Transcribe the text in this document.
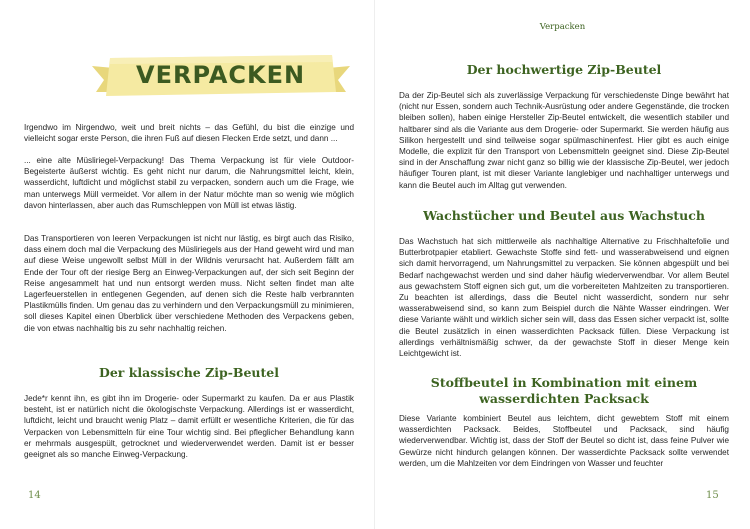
VERPACKEN

Irgendwo im Nirgendwo, weit und breit nichts – das Gefühl, du bist die einzige und vielleicht sogar erste Person, die ihren Fuß auf diesen Flecken Erde setzt, und dann ...

... eine alte Müsliriegel-Verpackung! Das Thema Verpackung ist für viele Outdoor-Begeisterte äußerst wichtig. Es geht nicht nur darum, die Nahrungsmittel leicht, klein, wasserdicht, luftdicht und möglichst stabil zu verpacken, sondern auch um die Frage, wie man unterwegs Müll vermeidet. Vor allem in der Natur möchte man so wenig wie möglich davon hinterlassen, aber auch das Rumschleppen von Müll ist etwas lästig.

Das Transportieren von leeren Verpackungen ist nicht nur lästig, es birgt auch das Risiko, dass einem doch mal die Verpackung des Müsliriegels aus der Hand geweht wird und man auf diese Weise ungewollt selbst Müll in der Wildnis verursacht hat. Außerdem fällt am Ende der Tour oft der riesige Berg an Einweg-Verpackungen auf, der sich seit Beginn der Reise angesammelt hat und nun entsorgt werden muss. Nicht selten findet man alte Lagerfeuerstellen in entlegenen Gegenden, auf denen sich die Reste halb verbrannten Plastikmülls finden. Um genau das zu verhindern und den Verpackungsmüll zu minimieren, soll dieses Kapitel einen Überblick über verschiedene Methoden des Verpackens geben, die von etwas nachhaltig bis zu sehr nachhaltig reichen.

Der klassische Zip-Beutel

Jede*r kennt ihn, es gibt ihn im Drogerie- oder Supermarkt zu kaufen. Da er aus Plastik besteht, ist er natürlich nicht die ökologischste Verpackung. Allerdings ist er wasserdicht, luftdicht, leicht und braucht wenig Platz – damit erfüllt er wesentliche Kriterien, die für das Verpacken von Lebensmitteln für eine Tour wichtig sind. Bei pfleglicher Behandlung kann er mehrmals ausgespült, getrocknet und wiederverwendet werden. Damit ist er besser geeignet als so manche Einweg-Verpackung.

14
Verpacken
Der hochwertige Zip-Beutel

Da der Zip-Beutel sich als zuverlässige Verpackung für verschiedenste Dinge bewährt hat (nicht nur Essen, sondern auch Technik-Ausrüstung oder andere Gegenstände, die trocken bleiben sollen), haben einige Hersteller Zip-Beutel entwickelt, die wesentlich stabiler und haltbarer sind als die Variante aus dem Drogerie- oder Supermarkt. Sie werden häufig aus Silikon hergestellt und sind teilweise sogar spülmaschinenfest. Hier gibt es auch einige Modelle, die explizit für den Transport von Lebensmitteln geeignet sind. Diese Zip-Beutel sind in der Anschaffung zwar nicht ganz so billig wie der klassische Zip-Beutel, wer jedoch häufiger Touren plant, ist mit dieser Variante langlebiger und nachhaltiger unterwegs und kann die Beutel auch im Alltag gut verwenden.

Wachstücher und Beutel aus Wachstuch

Das Wachstuch hat sich mittlerweile als nachhaltige Alternative zu Frischhaltefolie und Butterbrotpapier etabliert. Gewachste Stoffe sind fett- und wasserabweisend und eignen sich damit hervorragend, um Nahrungsmittel zu verpacken. Sie können abgespült und bei Bedarf nachgewachst werden und sind daher häufig wiederverwendbar. Vor allem Beutel aus gewachstem Stoff eignen sich gut, um die vorbereiteten Mahlzeiten zu transportieren. Zu beachten ist allerdings, dass die Beutel nicht wasserdicht, sondern nur sehr wasserabweisend sind, so kann zum Beispiel durch die Nähte Wasser eindringen. Wer diese Variante wählt und wirklich sicher sein will, dass das Essen sicher verpackt ist, sollte die Beutel zusätzlich in einen wasserdichten Packsack füllen. Diese Verpackung ist allerdings verhältnismäßig schwer, da der gewachste Stoff in dieser Menge kein Leichtgewicht ist.

Stoffbeutel in Kombination mit einem
wasserdichten Packsack

Diese Variante kombiniert Beutel aus leichtem, dicht gewebtem Stoff mit einem wasserdichten Packsack. Beides, Stoffbeutel und Packsack, sind häufig wiederverwendbar. Wichtig ist, dass der Stoff der Beutel so dicht ist, dass feine Pulver wie Gewürze nicht hindurch gelangen können. Der wasserdichte Packsack sollte verwendet werden, um die Mahlzeiten vor dem Eindringen von Wasser und feuchter

15
